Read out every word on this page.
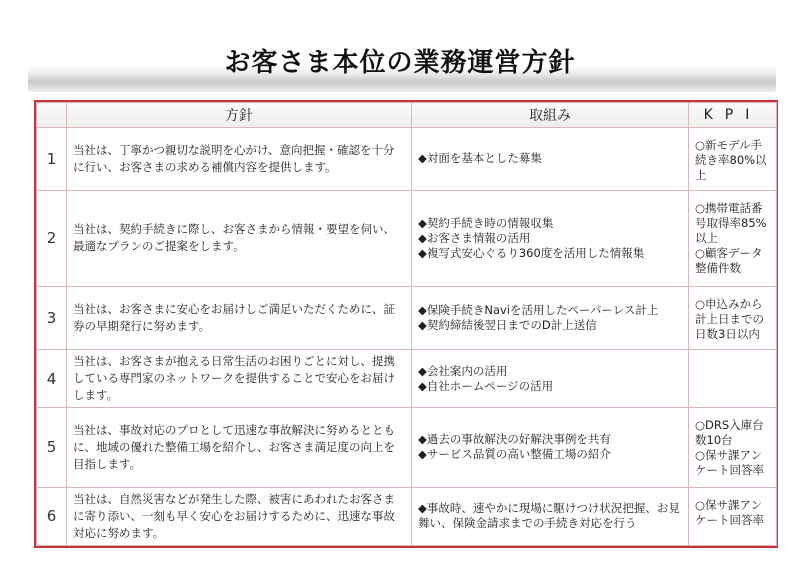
お客さま本位の業務運営方針
	方針	取組み	KPI
1	当社は、丁寧かつ親切な説明を心がけ、意向把握・確認を十分に行い、お客さまの求める補償内容を提供します。	◆対面を基本とした募集	○新モデル手続き率80%以上

2	当社は、契約手続きに際し、お客さまから情報・要望を伺い、最適なプランのご提案をします。	◆契約手続き時の情報収集
◆お客さま情報の活用
◆複写式安心ぐるり360度を活用した情報集	○携帯電話番号取得率85%以上
○顧客データ整備件数

3	当社は、お客さまに安心をお届けしご満足いただくために、証券の早期発行に努めます。	◆保険手続きNaviを活用したペーパーレス計上
◆契約締結後翌日までのD計上送信	○申込みから計上日までの日数3日以内

4	当社は、お客さまが抱える日常生活のお困りごとに対し、提携している専門家のネットワークを提供することで安心をお届けします。	◆会社案内の活用
◆自社ホームページの活用	

5	当社は、事故対応のプロとして迅速な事故解決に努めるとともに、地域の優れた整備工場を紹介し、お客さま満足度の向上を目指します。	◆過去の事故解決の好解決事例を共有
◆サービス品質の高い整備工場の紹介	○DRS入庫台数10台
○保サ課アンケート回答率

6	当社は、自然災害などが発生した際、被害にあわれたお客さまに寄り添い、一刻も早く安心をお届けするために、迅速な事故対応に努めます。	◆事故時、速やかに現場に駆けつけ状況把握、お見舞い、保険金請求までの手続き対応を行う	○保サ課アンケート回答率
